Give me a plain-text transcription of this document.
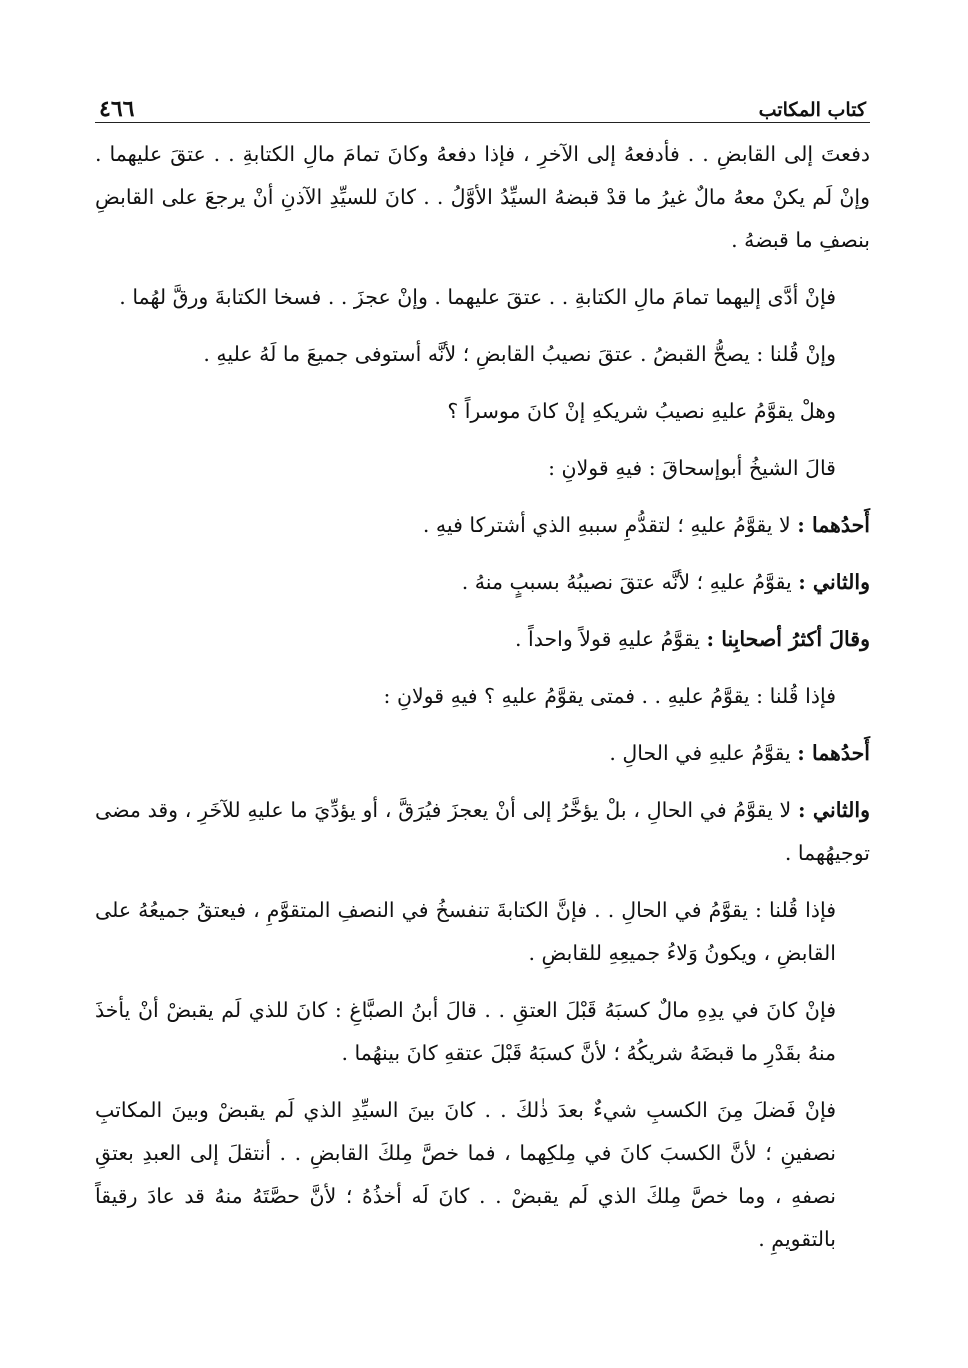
كتاب المكاتب
٤٦٦

دفعتَ إلى القابضِ . . فأدفعهُ إلى الآخرِ ، فإذا دفعهُ وكانَ تمامَ مالِ الكتابةِ . . عتقَ عليهما . وإنْ لَم يكنْ معهُ مالٌ غيرُ ما قدْ قبضهُ السيِّدُ الأوَّلُ . . كانَ للسيِّدِ الآذنِ أنْ يرجعَ على القابضِ بنصفِ ما قبضهُ .

فإنْ أدَّى إليهما تمامَ مالِ الكتابةِ . . عتقَ عليهما . وإنْ عجزَ . . فسخا الكتابةَ ورقَّ لهُما .

وإنْ قُلنا : يصحُّ القبضُ . عتقَ نصيبُ القابضِ ؛ لأنَّه أستوفى جميعَ ما لَهُ عليهِ .

وهلْ يقوَّمُ عليهِ نصيبُ شريكهِ إنْ كانَ موسراً ؟

قالَ الشيخُ أبوإسحاقَ : فيهِ قولانِ :

أَحدُهما : لا يقوَّمُ عليهِ ؛ لتقدُّمِ سببهِ الذي أشتركا فيهِ .

والثاني : يقوَّمُ عليهِ ؛ لأنَّه عتقَ نصيبُهُ بسببٍ منهُ .

وقالَ أكثرُ أصحابِنا : يقوَّمُ عليهِ قولاً واحداً .

فإذا قُلنا : يقوَّمُ عليهِ . . فمتى يقوَّمُ عليهِ ؟ فيهِ قولانِ :

أَحدُهما : يقوَّمُ عليهِ في الحالِ .

والثاني : لا يقوَّمُ في الحالِ ، بلْ يؤخَّرُ إلى أنْ يعجزَ فيُرَقَّ ، أو يؤدِّيَ ما عليهِ للآخَرِ ، وقد مضى توجيهُهما .

فإذا قُلنا : يقوَّمُ في الحالِ . . فإنَّ الكتابةَ تنفسخُ في النصفِ المتقوَّمِ ، فيعتقُ جميعُهُ على القابضِ ، ويكونُ وَلاءُ جميعِهِ للقابضِ .

فإنْ كانَ في يدِهِ مالٌ كسبَهُ قَبْلَ العتقِ . . قالَ أبنُ الصبَّاغِ : كانَ للذي لَم يقبضْ أنْ يأخذَ منهُ بقَدْرِ ما قبضَهُ شريكُهُ ؛ لأنَّ كسبَهُ قَبْلَ عتقهِ كانَ بينهُما .

فإنْ فَضلَ مِنَ الكسبِ شيءٌ بعدَ ذٰلكَ . . كانَ بينَ السيِّدِ الذي لَم يقبضْ وبينَ المكاتبِ نصفينِ ؛ لأنَّ الكسبَ كانَ في مِلكِهما ، فما خصَّ مِلكَ القابضِ . . أنتقلَ إلى العبدِ بعتقِ نصفهِ ، وما خصَّ مِلكَ الذي لَم يقبضْ . . كانَ لَه أخذُهُ ؛ لأنَّ حصَّتَهُ منهُ قد عادَ رقيقاً بالتقويمِ .
